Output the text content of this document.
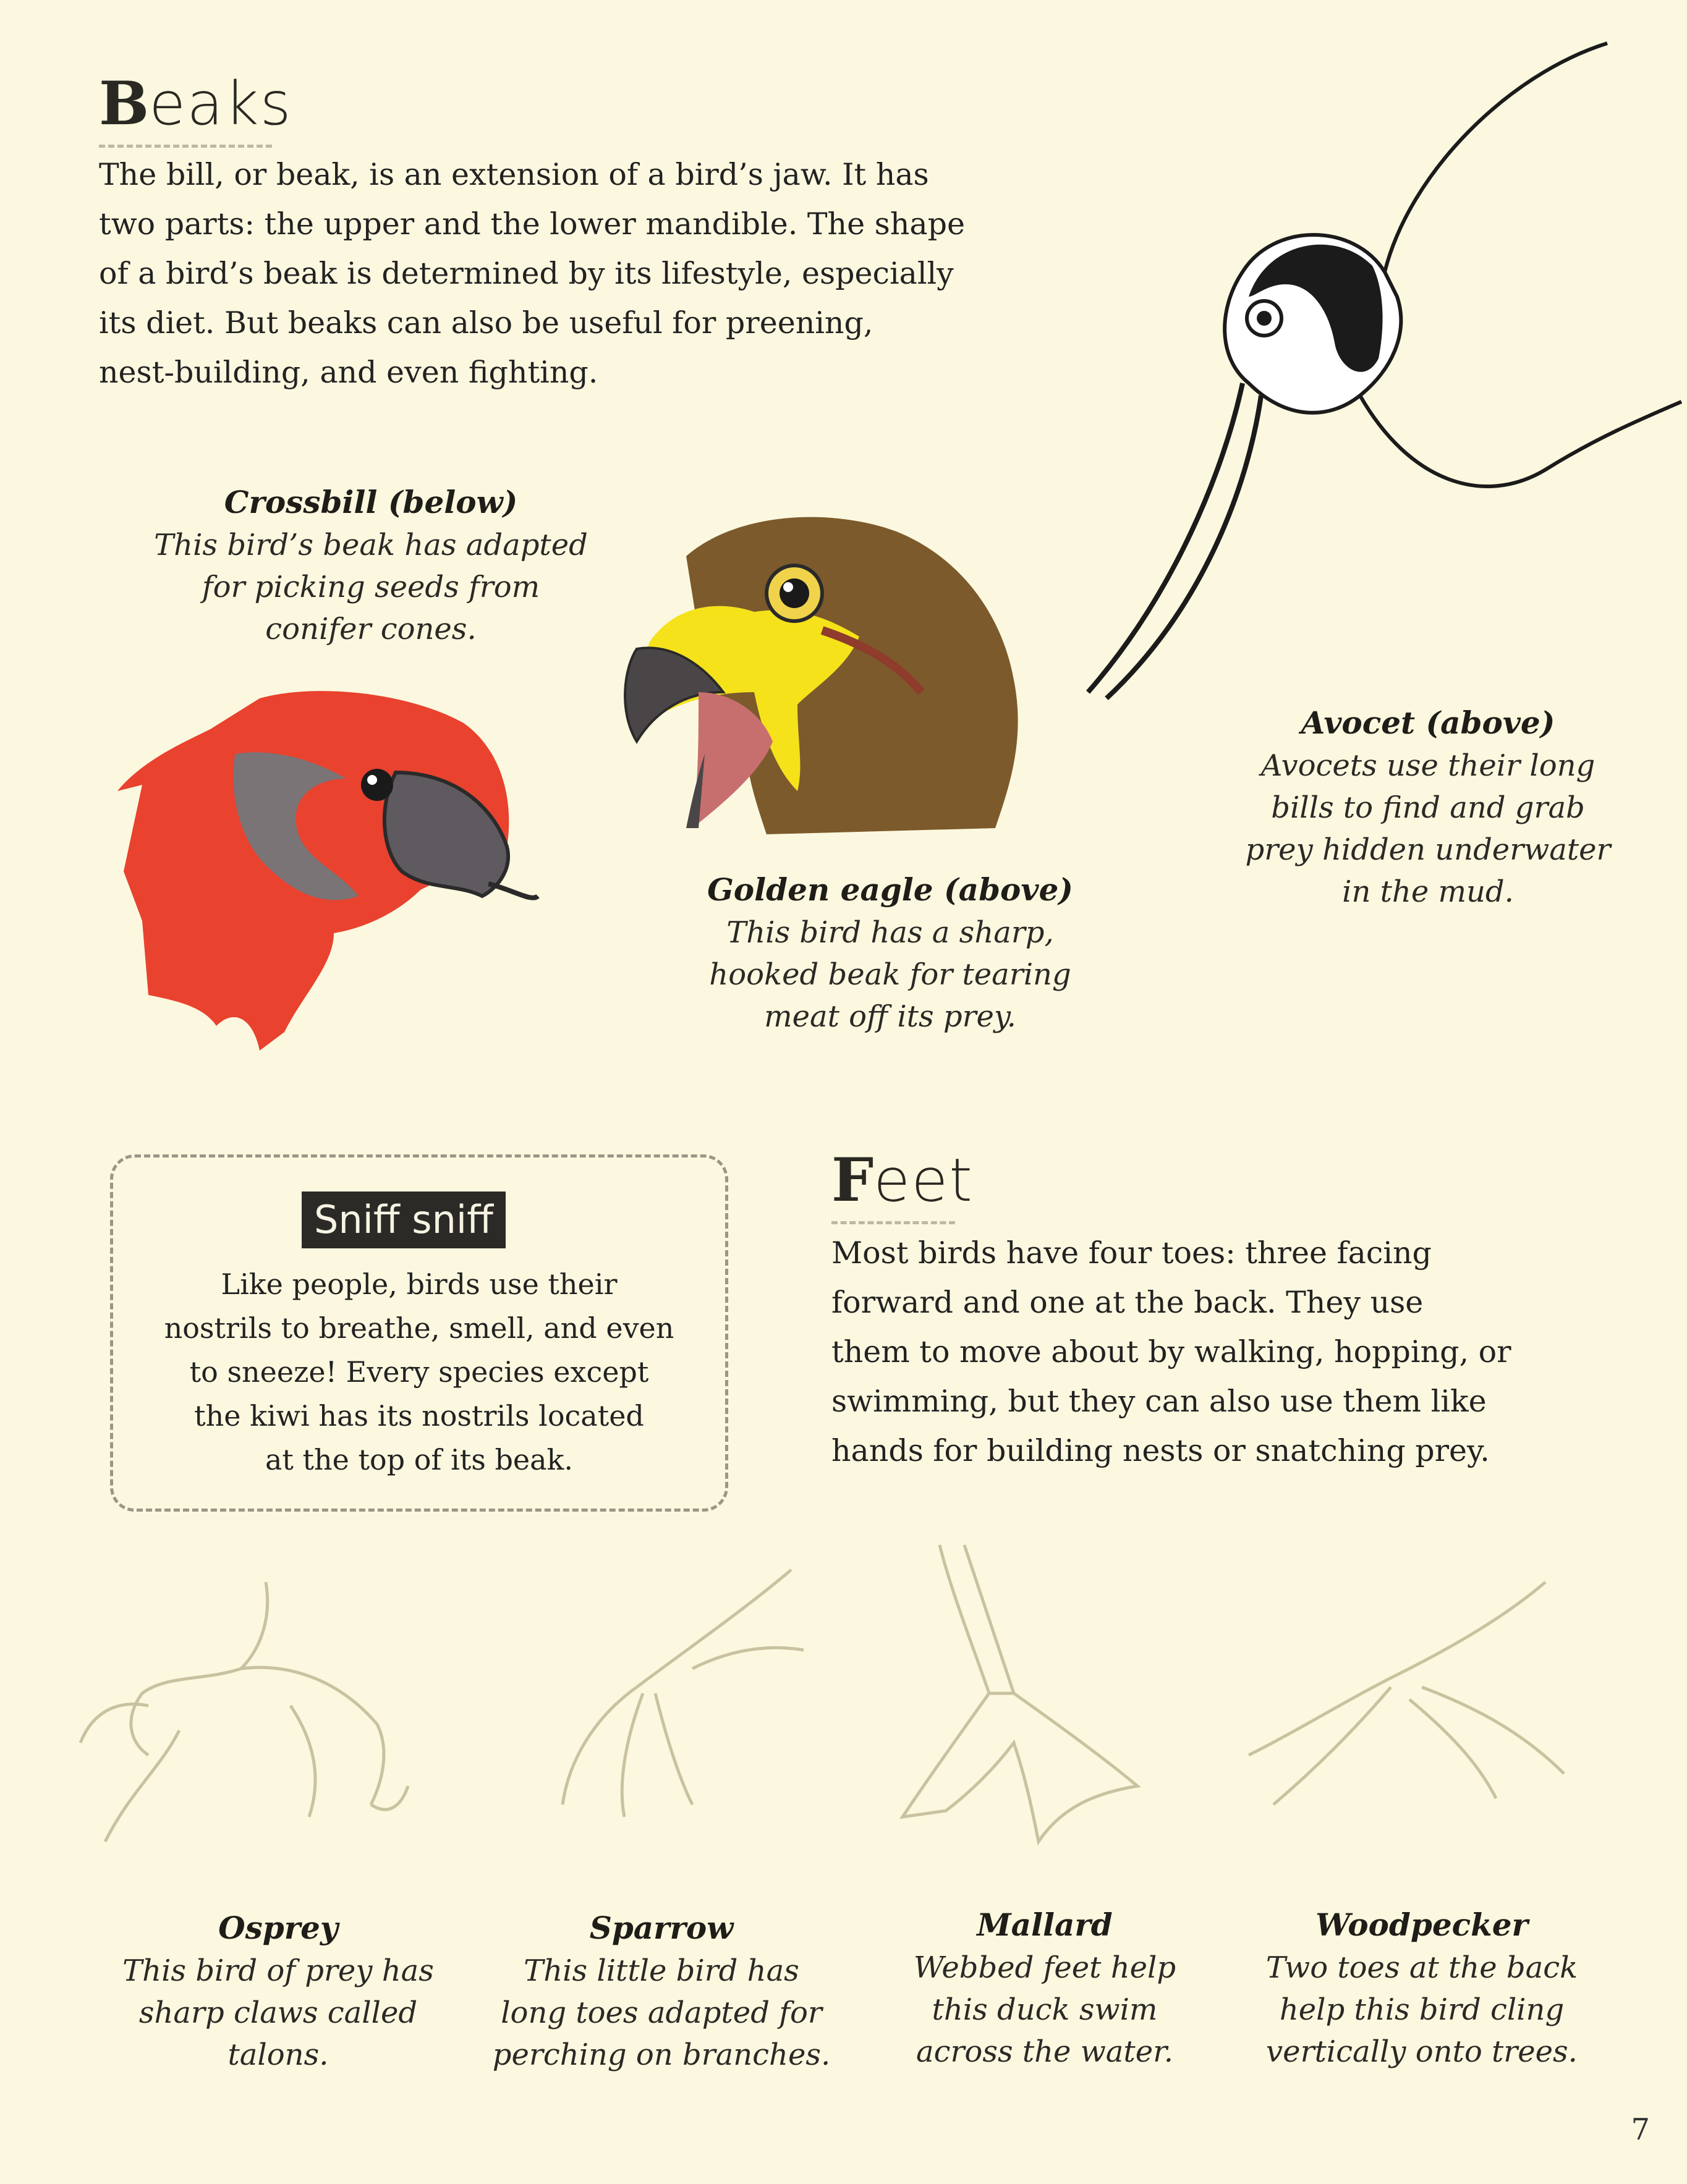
Beaks
The bill, or beak, is an extension of a bird’s jaw. It has
two parts: the upper and the lower mandible. The shape
of a bird’s beak is determined by its lifestyle, especially
its diet. But beaks can also be useful for preening,
nest-building, and even fighting.
Crossbill (below)
This bird’s beak has adapted
for picking seeds from
conifer cones.
Golden eagle (above)
This bird has a sharp,
hooked beak for tearing
meat off its prey.
Avocet (above)
Avocets use their long
bills to find and grab
prey hidden underwater
in the mud.
Sniff sniff
Like people, birds use their
nostrils to breathe, smell, and even
to sneeze! Every species except
the kiwi has its nostrils located
at the top of its beak.
Feet
Most birds have four toes: three facing
forward and one at the back. They use
them to move about by walking, hopping, or
swimming, but they can also use them like
hands for building nests or snatching prey.
Osprey
This bird of prey has
sharp claws called
talons.
Sparrow
This little bird has
long toes adapted for
perching on branches.
Mallard
Webbed feet help
this duck swim
across the water.
Woodpecker
Two toes at the back
help this bird cling
vertically onto trees.
7
